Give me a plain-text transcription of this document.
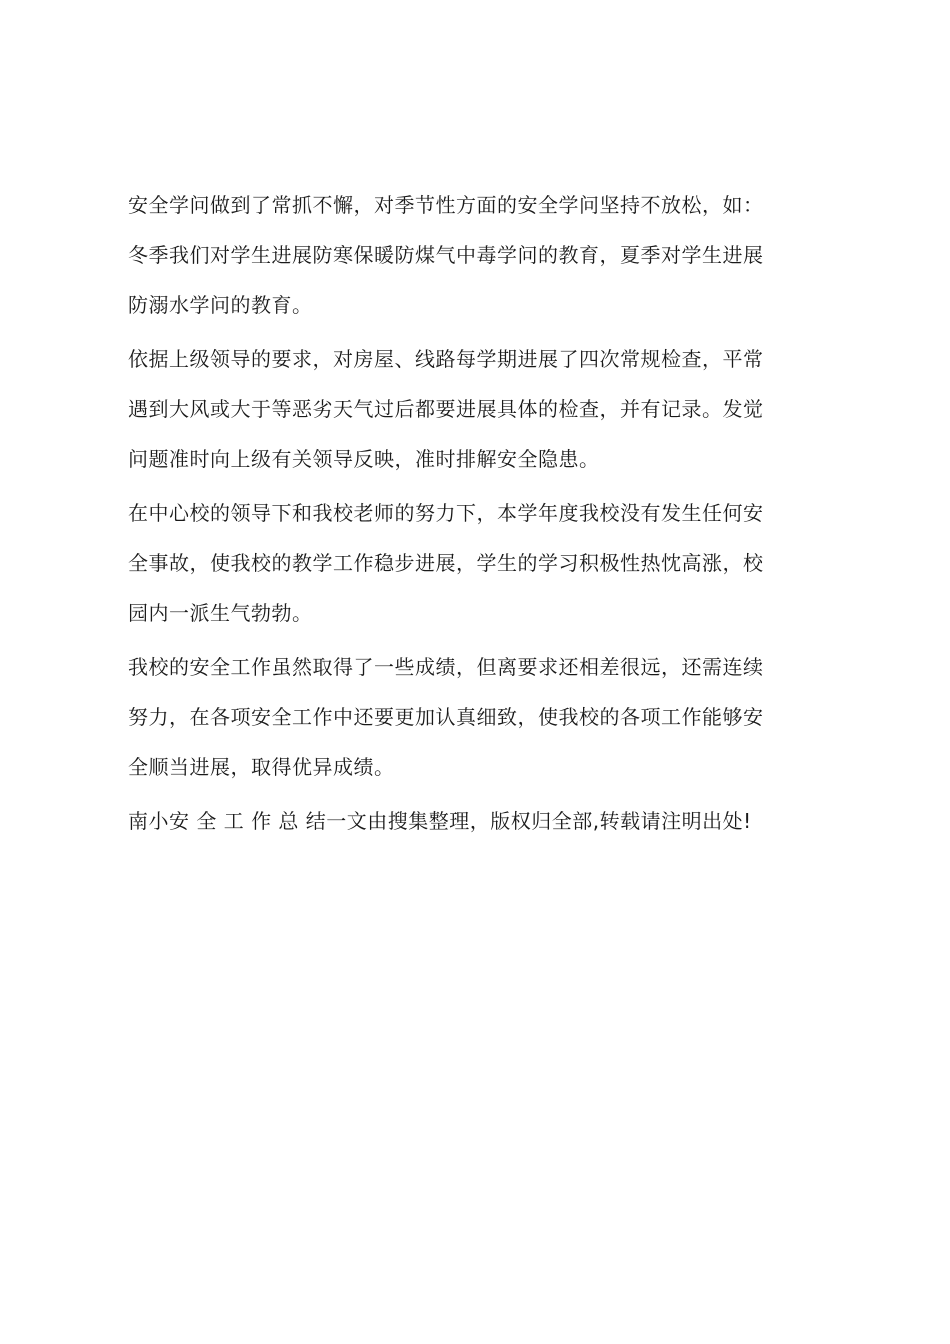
安全学问做到了常抓不懈，对季节性方面的安全学问坚持不放松，如：
冬季我们对学生进展防寒保暖防煤气中毒学问的教育，夏季对学生进展
防溺水学问的教育。
依据上级领导的要求，对房屋、线路每学期进展了四次常规检查，平常
遇到大风或大于等恶劣天气过后都要进展具体的检查，并有记录。发觉
问题准时向上级有关领导反映，准时排解安全隐患。
在中心校的领导下和我校老师的努力下，本学年度我校没有发生任何安
全事故，使我校的教学工作稳步进展，学生的学习积极性热忱高涨，校
园内一派生气勃勃。
我校的安全工作虽然取得了一些成绩，但离要求还相差很远，还需连续
努力，在各项安全工作中还要更加认真细致，使我校的各项工作能够安
全顺当进展，取得优异成绩。
南小安 全 工 作 总 结一文由搜集整理，版权归全部,转载请注明出处!
